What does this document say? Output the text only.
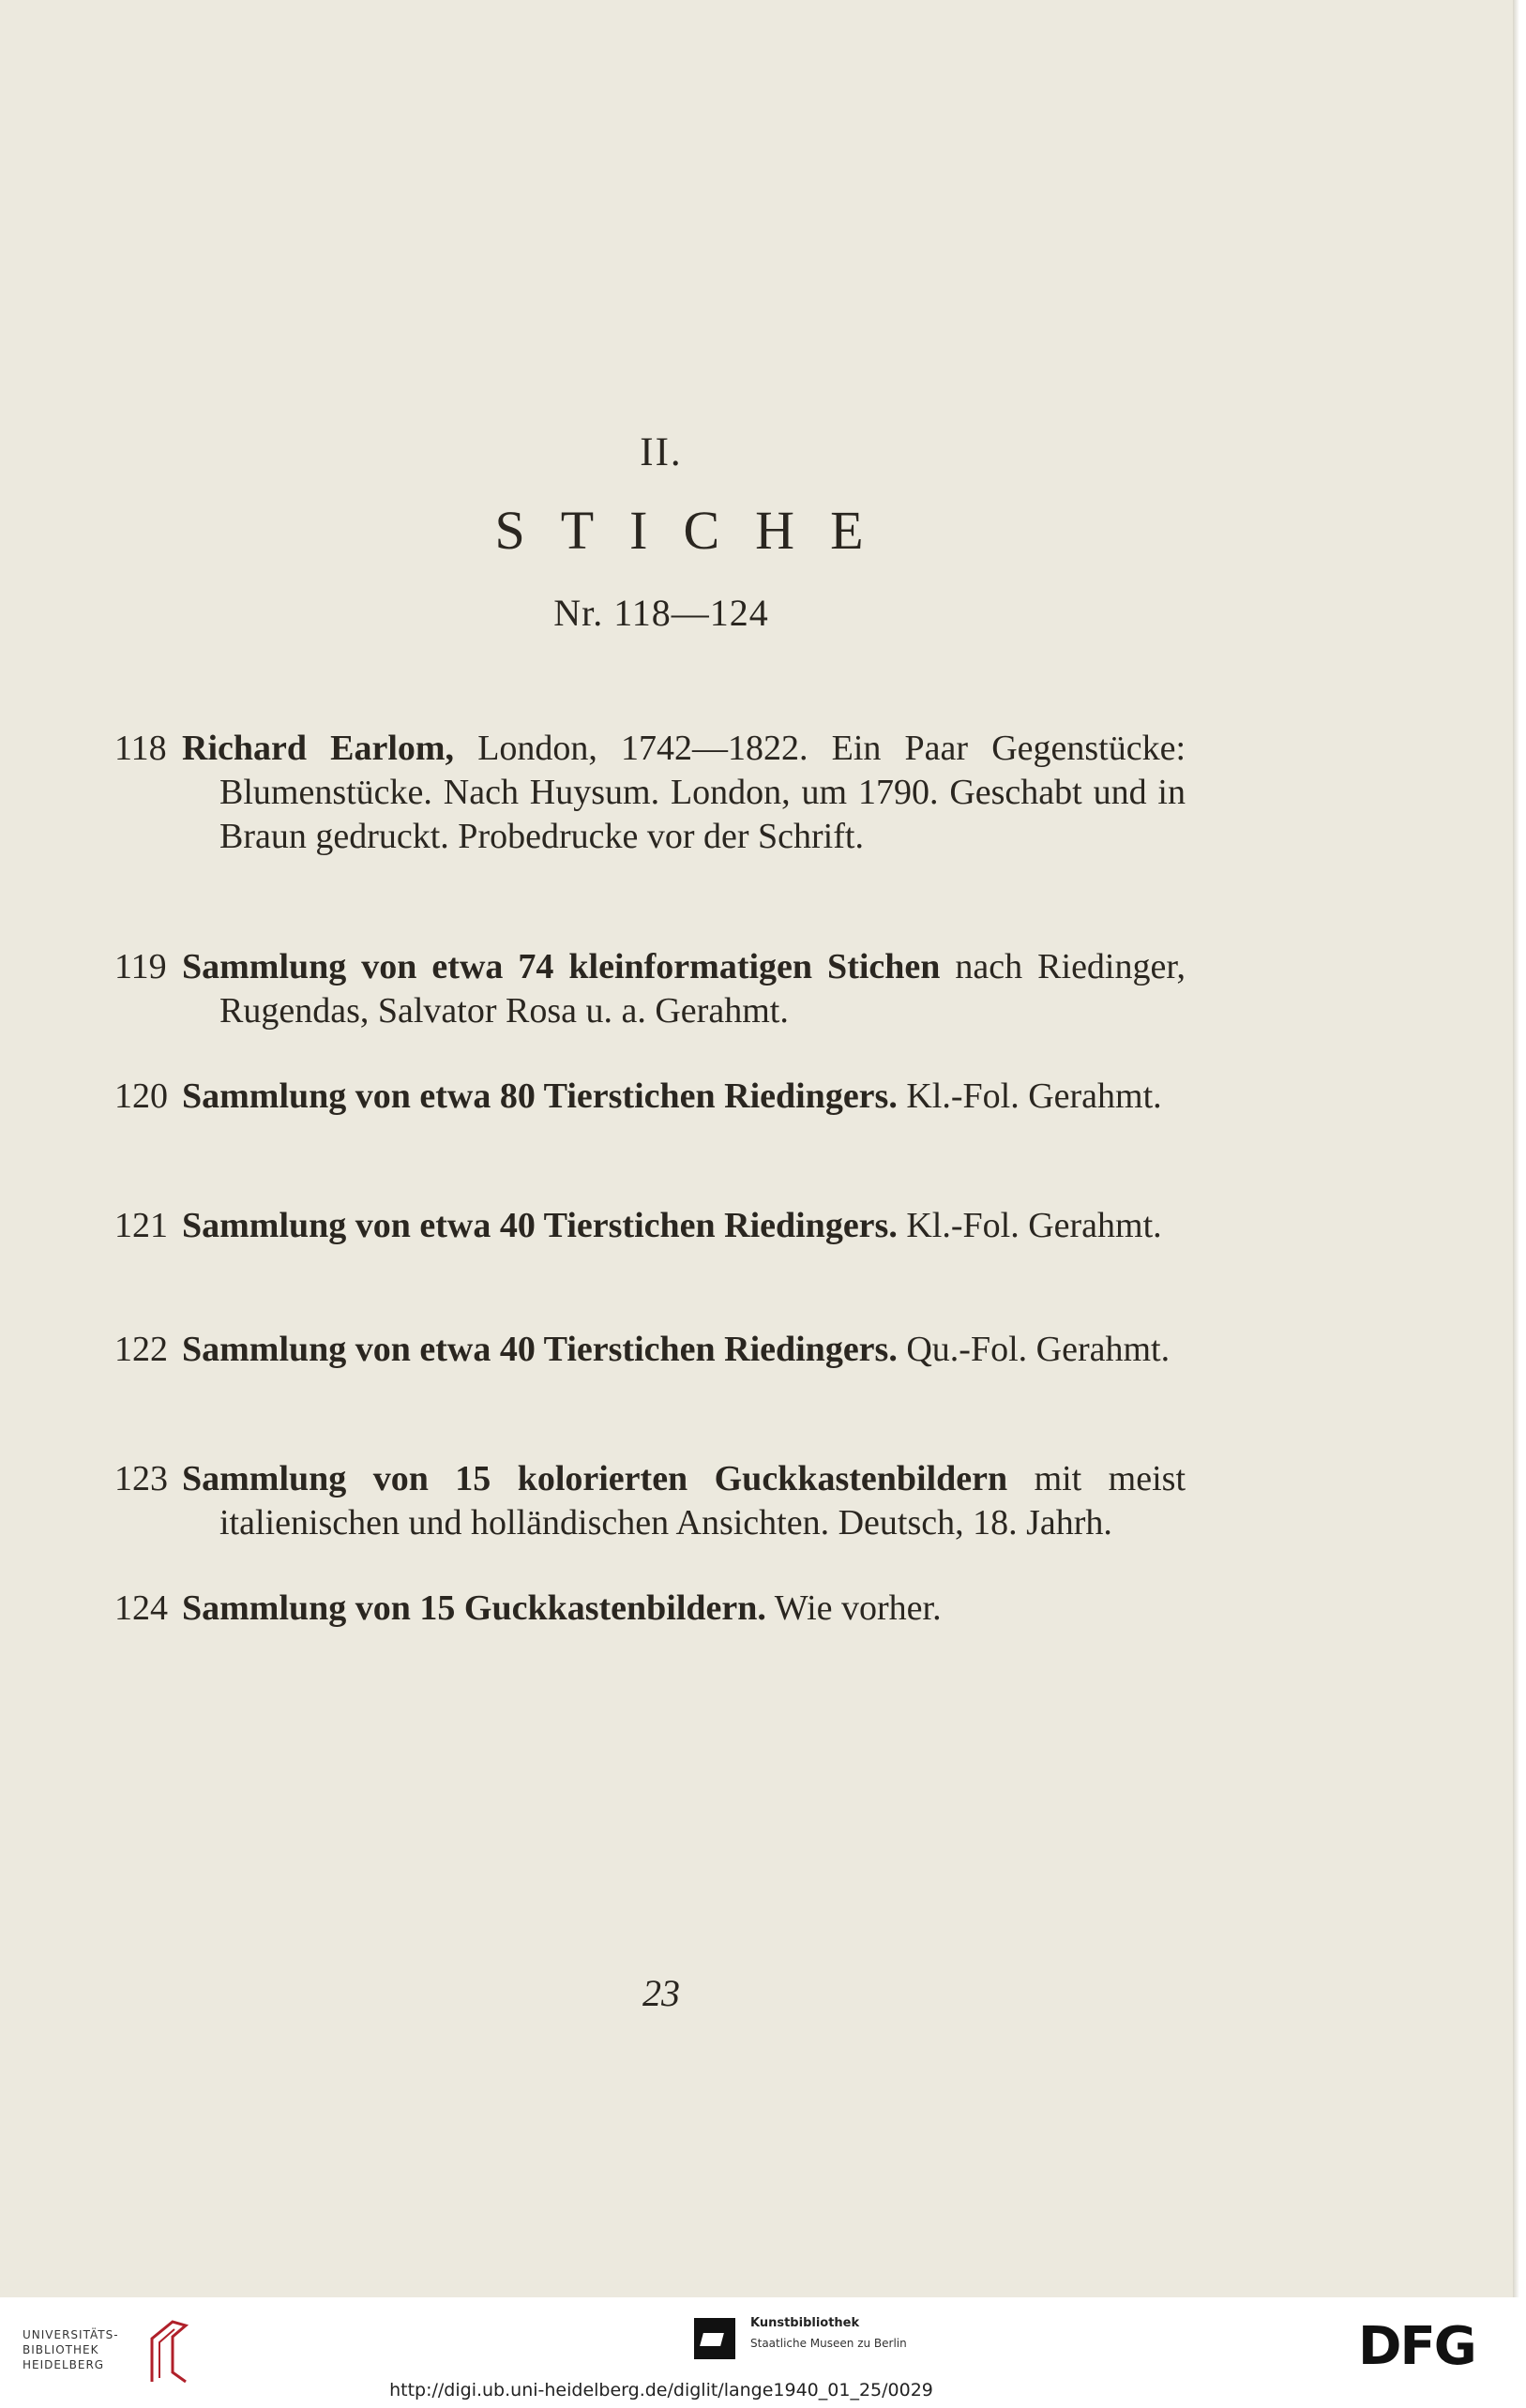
II.
STICHE
Nr. 118—124
118 Richard Earlom, London, 1742—1822. Ein Paar Gegenstücke: Blumenstücke. Nach Huysum. London, um 1790. Geschabt und in Braun gedruckt. Probedrucke vor der Schrift.
119 Sammlung von etwa 74 kleinformatigen Stichen nach Riedinger, Rugendas, Salvator Rosa u. a. Gerahmt.
120 Sammlung von etwa 80 Tierstichen Riedingers. Kl.-Fol. Gerahmt.
121 Sammlung von etwa 40 Tierstichen Riedingers. Kl.-Fol. Gerahmt.
122 Sammlung von etwa 40 Tierstichen Riedingers. Qu.-Fol. Gerahmt.
123 Sammlung von 15 kolorierten Guckkastenbildern mit meist italienischen und holländischen Ansichten. Deutsch, 18. Jahrh.
124 Sammlung von 15 Guckkastenbildern. Wie vorher.
23
UNIVERSITÄTS-
BIBLIOTHEK
HEIDELBERG
Kunstbibliothek
Staatliche Museen zu Berlin	DFG
http://digi.ub.uni-heidelberg.de/diglit/lange1940_01_25/0029
